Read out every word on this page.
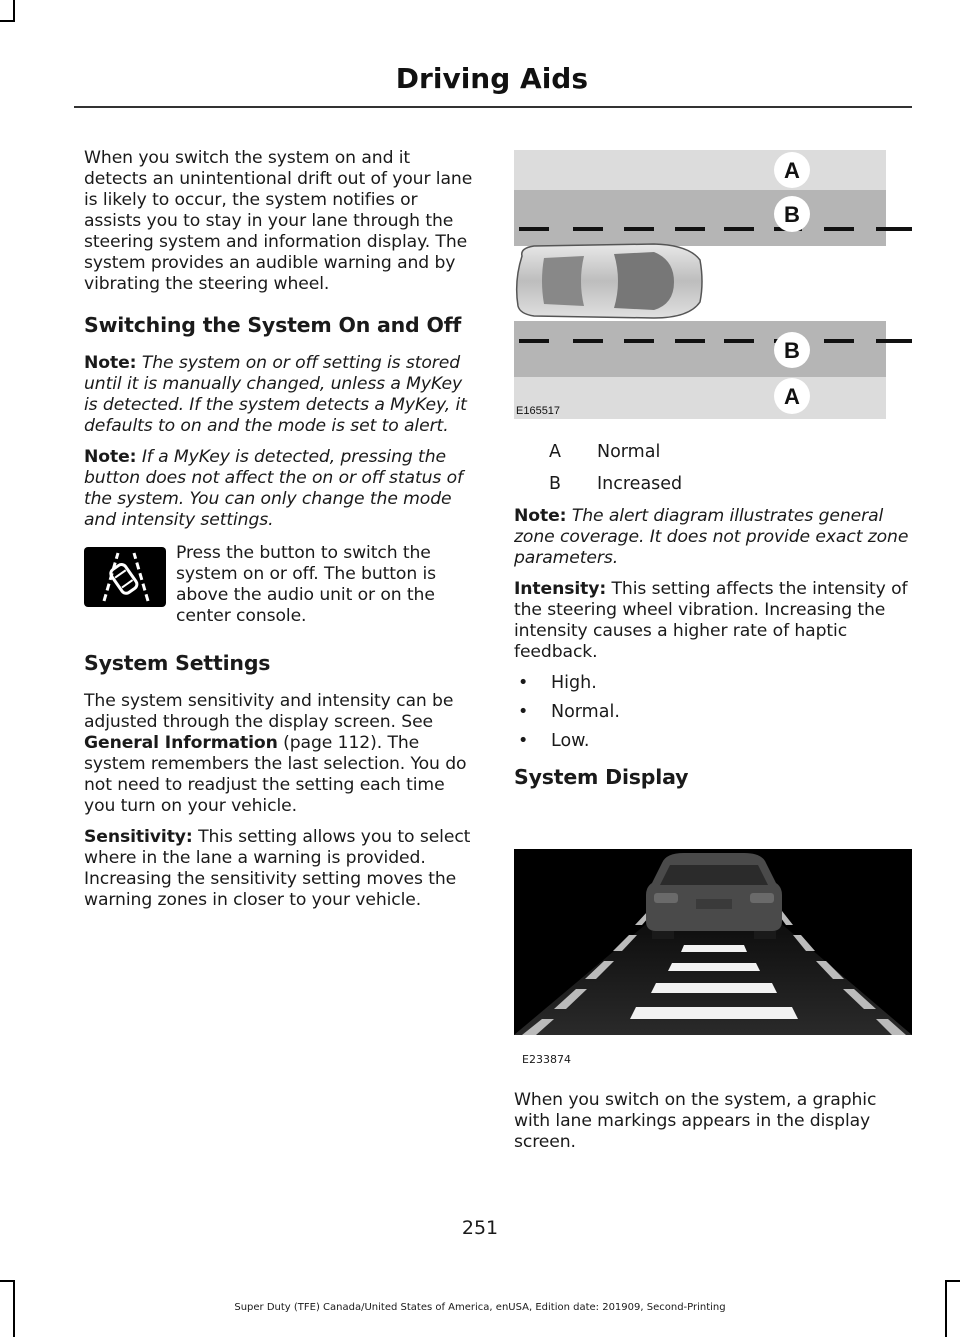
Driving Aids

When you switch the system on and it detects an unintentional drift out of your lane is likely to occur, the system notifies or assists you to stay in your lane through the steering system and information display. The system provides an audible warning and by vibrating the steering wheel.

Switching the System On and Off

Note: The system on or off setting is stored until it is manually changed, unless a MyKey is detected. If the system detects a MyKey, it defaults to on and the mode is set to alert.

Note: If a MyKey is detected, pressing the button does not affect the on or off status of the system. You can only change the mode and intensity settings.

Press the button to switch the system on or off. The button is above the audio unit or on the center console.

System Settings

The system sensitivity and intensity can be adjusted through the display screen. See General Information (page 112). The system remembers the last selection. You do not need to readjust the setting each time you turn on your vehicle.

Sensitivity: This setting allows you to select where in the lane a warning is provided. Increasing the sensitivity setting moves the warning zones in closer to your vehicle.

A
B
B
A
E165517
A	Normal
B	Increased

Note: The alert diagram illustrates general zone coverage. It does not provide exact zone parameters.

Intensity: This setting affects the intensity of the steering wheel vibration. Increasing the intensity causes a higher rate of haptic feedback.

•	High.
•	Normal.
•	Low.
System Display
E233874

When you switch on the system, a graphic with lane markings appears in the display screen.

251
Super Duty (TFE) Canada/United States of America, enUSA, Edition date: 201909, Second-Printing
